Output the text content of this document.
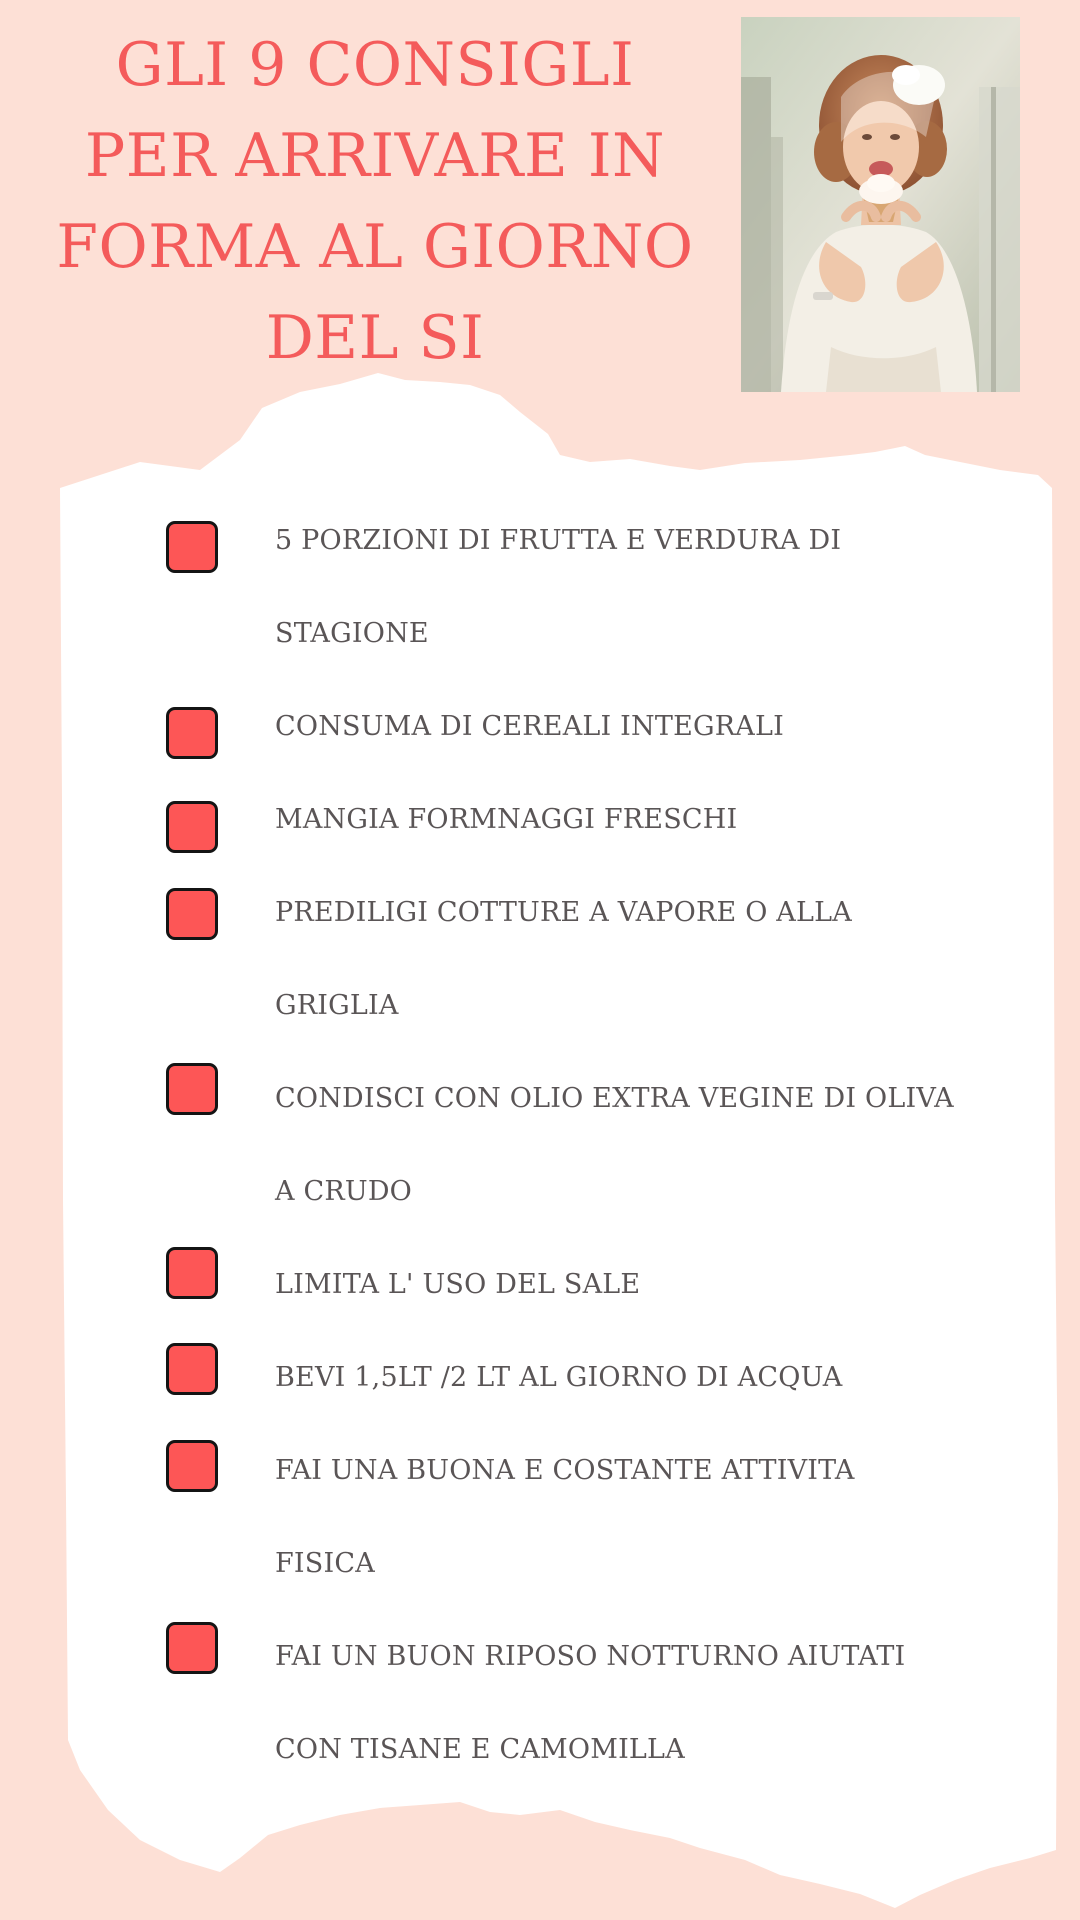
GLI 9 CONSIGLI
PER ARRIVARE IN
FORMA AL GIORNO
DEL SI
5 PORZIONI DI FRUTTA E VERDURA DI
STAGIONE
CONSUMA DI CEREALI INTEGRALI
MANGIA FORMNAGGI FRESCHI
PREDILIGI COTTURE A VAPORE O ALLA
GRIGLIA
CONDISCI CON OLIO EXTRA VEGINE DI OLIVA
A CRUDO
LIMITA L' USO DEL SALE
BEVI 1,5LT /2 LT AL GIORNO DI ACQUA
FAI UNA BUONA E COSTANTE ATTIVITA
FISICA
FAI UN BUON RIPOSO NOTTURNO AIUTATI
CON TISANE E CAMOMILLA
